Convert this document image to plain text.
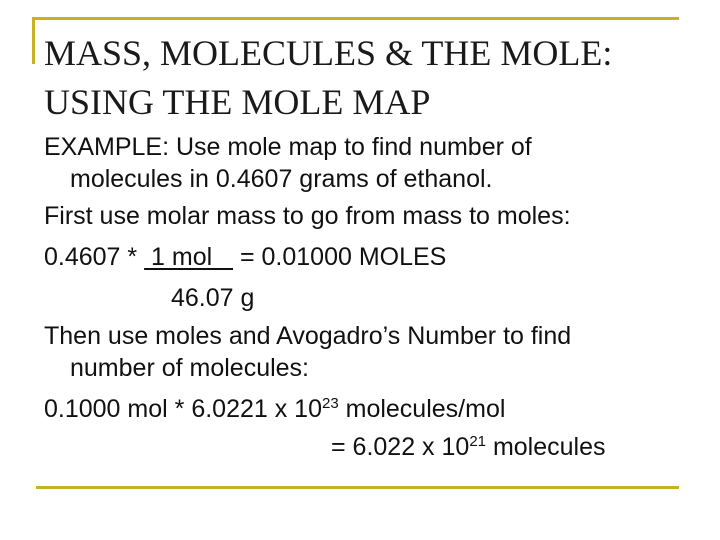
MASS, MOLECULES & THE MOLE:
USING THE MOLE MAP
EXAMPLE: Use mole map to find number of
molecules in 0.4607 grams of ethanol.
First use molar mass to go from mass to moles:
0.4607 *  1 mol    = 0.01000 MOLES
46.07 g
Then use moles and Avogadro’s Number to find
number of molecules:
0.1000 mol * 6.0221 x $10^{23}$ molecules/mol
= 6.022 x $10^{21}$ molecules
